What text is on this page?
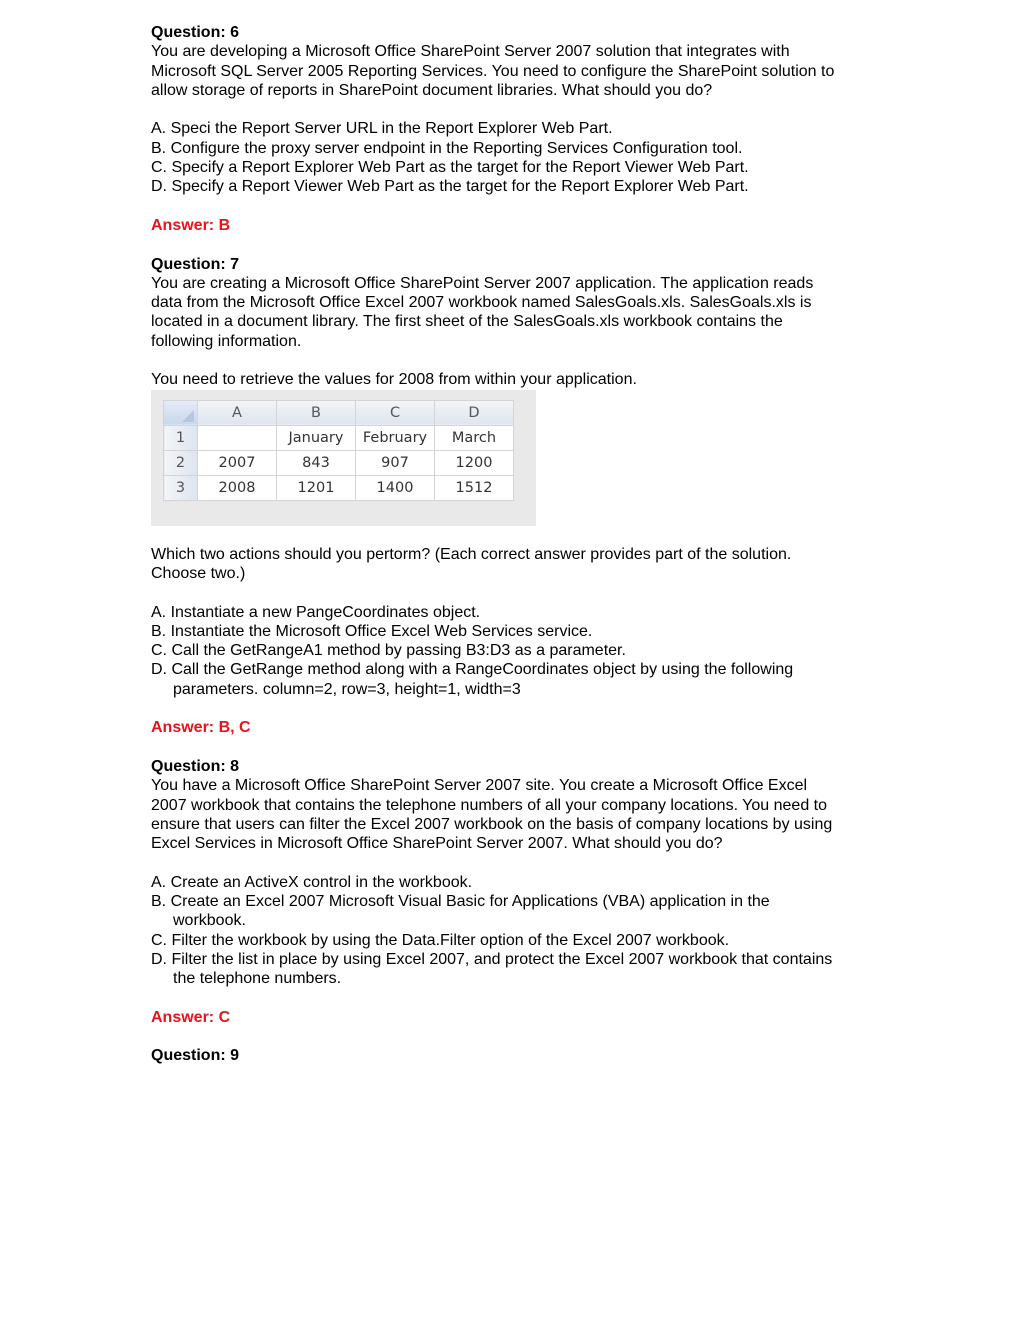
Question: 6
You are developing a Microsoft Office SharePoint Server 2007 solution that integrates with
Microsoft SQL Server 2005 Reporting Services. You need to configure the SharePoint solution to
allow storage of reports in SharePoint document libraries. What should you do?
A. Speci the Report Server URL in the Report Explorer Web Part.
B. Configure the proxy server endpoint in the Reporting Services Configuration tool.
C. Specify a Report Explorer Web Part as the target for the Report Viewer Web Part.
D. Specify a Report Viewer Web Part as the target for the Report Explorer Web Part.
Answer: B
Question: 7
You are creating a Microsoft Office SharePoint Server 2007 application. The application reads
data from the Microsoft Office Excel 2007 workbook named SalesGoals.xls. SalesGoals.xls is
located in a document library. The first sheet of the SalesGoals.xls workbook contains the
following information.
You need to retrieve the values for 2008 from within your application.
	A	B	C	D
1		January	February	March
2	2007	843	907	1200
3	2008	1201	1400	1512
Which two actions should you pertorm? (Each correct answer provides part of the solution.
Choose two.)
A. Instantiate a new PangeCoordinates object.
B. Instantiate the Microsoft Office Excel Web Services service.
C. Call the GetRangeA1 method by passing B3:D3 as a parameter.
D. Call the GetRange method along with a RangeCoordinates object by using the following
parameters. column=2, row=3, height=1, width=3
Answer: B, C
Question: 8
You have a Microsoft Office SharePoint Server 2007 site. You create a Microsoft Office Excel
2007 workbook that contains the telephone numbers of all your company locations. You need to
ensure that users can filter the Excel 2007 workbook on the basis of company locations by using
Excel Services in Microsoft Office SharePoint Server 2007. What should you do?
A. Create an ActiveX control in the workbook.
B. Create an Excel 2007 Microsoft Visual Basic for Applications (VBA) application in the
workbook.
C. Filter the workbook by using the Data.Filter option of the Excel 2007 workbook.
D. Filter the list in place by using Excel 2007, and protect the Excel 2007 workbook that contains
the telephone numbers.
Answer: C
Question: 9
